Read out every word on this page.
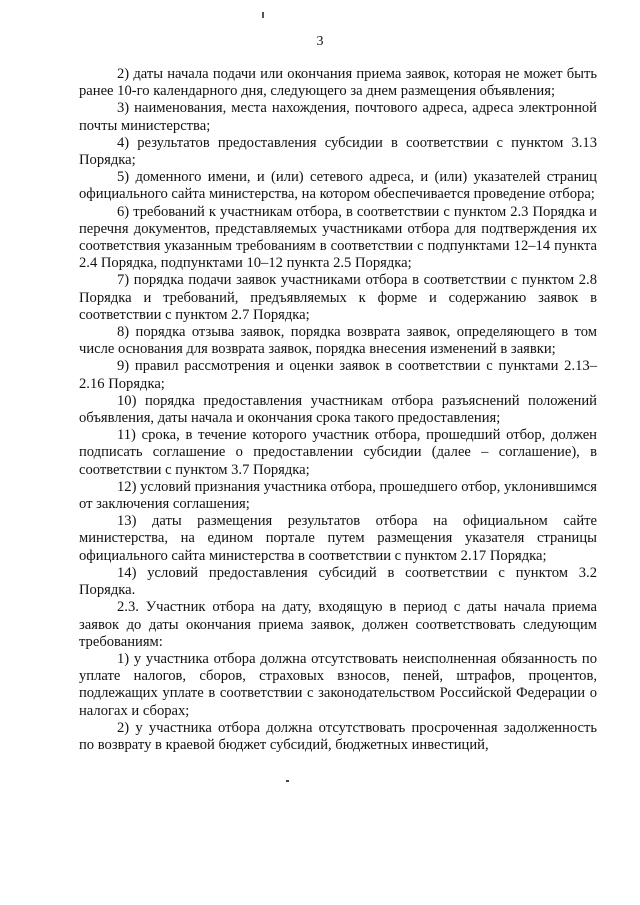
3

2) даты начала подачи или окончания приема заявок, которая не может быть ранее 10-го календарного дня, следующего за днем размещения объявления;

3) наименования, места нахождения, почтового адреса, адреса электронной почты министерства;

4) результатов предоставления субсидии в соответствии с пунктом 3.13 Порядка;

5) доменного имени, и (или) сетевого адреса, и (или) указателей страниц официального сайта министерства, на котором обеспечивается проведение отбора;

6) требований к участникам отбора, в соответствии с пунктом 2.3 Порядка и перечня документов, представляемых участниками отбора для подтверждения их соответствия указанным требованиям в соответствии с подпунктами 12–14 пункта 2.4 Порядка, подпунктами 10–12 пункта 2.5 Порядка;

7) порядка подачи заявок участниками отбора в соответствии с пунктом 2.8 Порядка и требований, предъявляемых к форме и содержанию заявок в соответствии с пунктом 2.7 Порядка;

8) порядка отзыва заявок, порядка возврата заявок, определяющего в том числе основания для возврата заявок, порядка внесения изменений в заявки;

9) правил рассмотрения и оценки заявок в соответствии с пунктами 2.13–2.16 Порядка;

10) порядка предоставления участникам отбора разъяснений положений объявления, даты начала и окончания срока такого предоставления;

11) срока, в течение которого участник отбора, прошедший отбор, должен подписать соглашение о предоставлении субсидии (далее – соглашение), в соответствии с пунктом 3.7 Порядка;

12) условий признания участника отбора, прошедшего отбор, уклонившимся от заключения соглашения;

13) даты размещения результатов отбора на официальном сайте министерства, на едином портале путем размещения указателя страницы официального сайта министерства в соответствии с пунктом 2.17 Порядка;

14) условий предоставления субсидий в соответствии с пунктом 3.2 Порядка.

2.3. Участник отбора на дату, входящую в период с даты начала приема заявок до даты окончания приема заявок, должен соответствовать следующим требованиям:

1) у участника отбора должна отсутствовать неисполненная обязанность по уплате налогов, сборов, страховых взносов, пеней, штрафов, процентов, подлежащих уплате в соответствии с законодательством Российской Федерации о налогах и сборах;

2) у участника отбора должна отсутствовать просроченная задолженность по возврату в краевой бюджет субсидий, бюджетных инвестиций,
